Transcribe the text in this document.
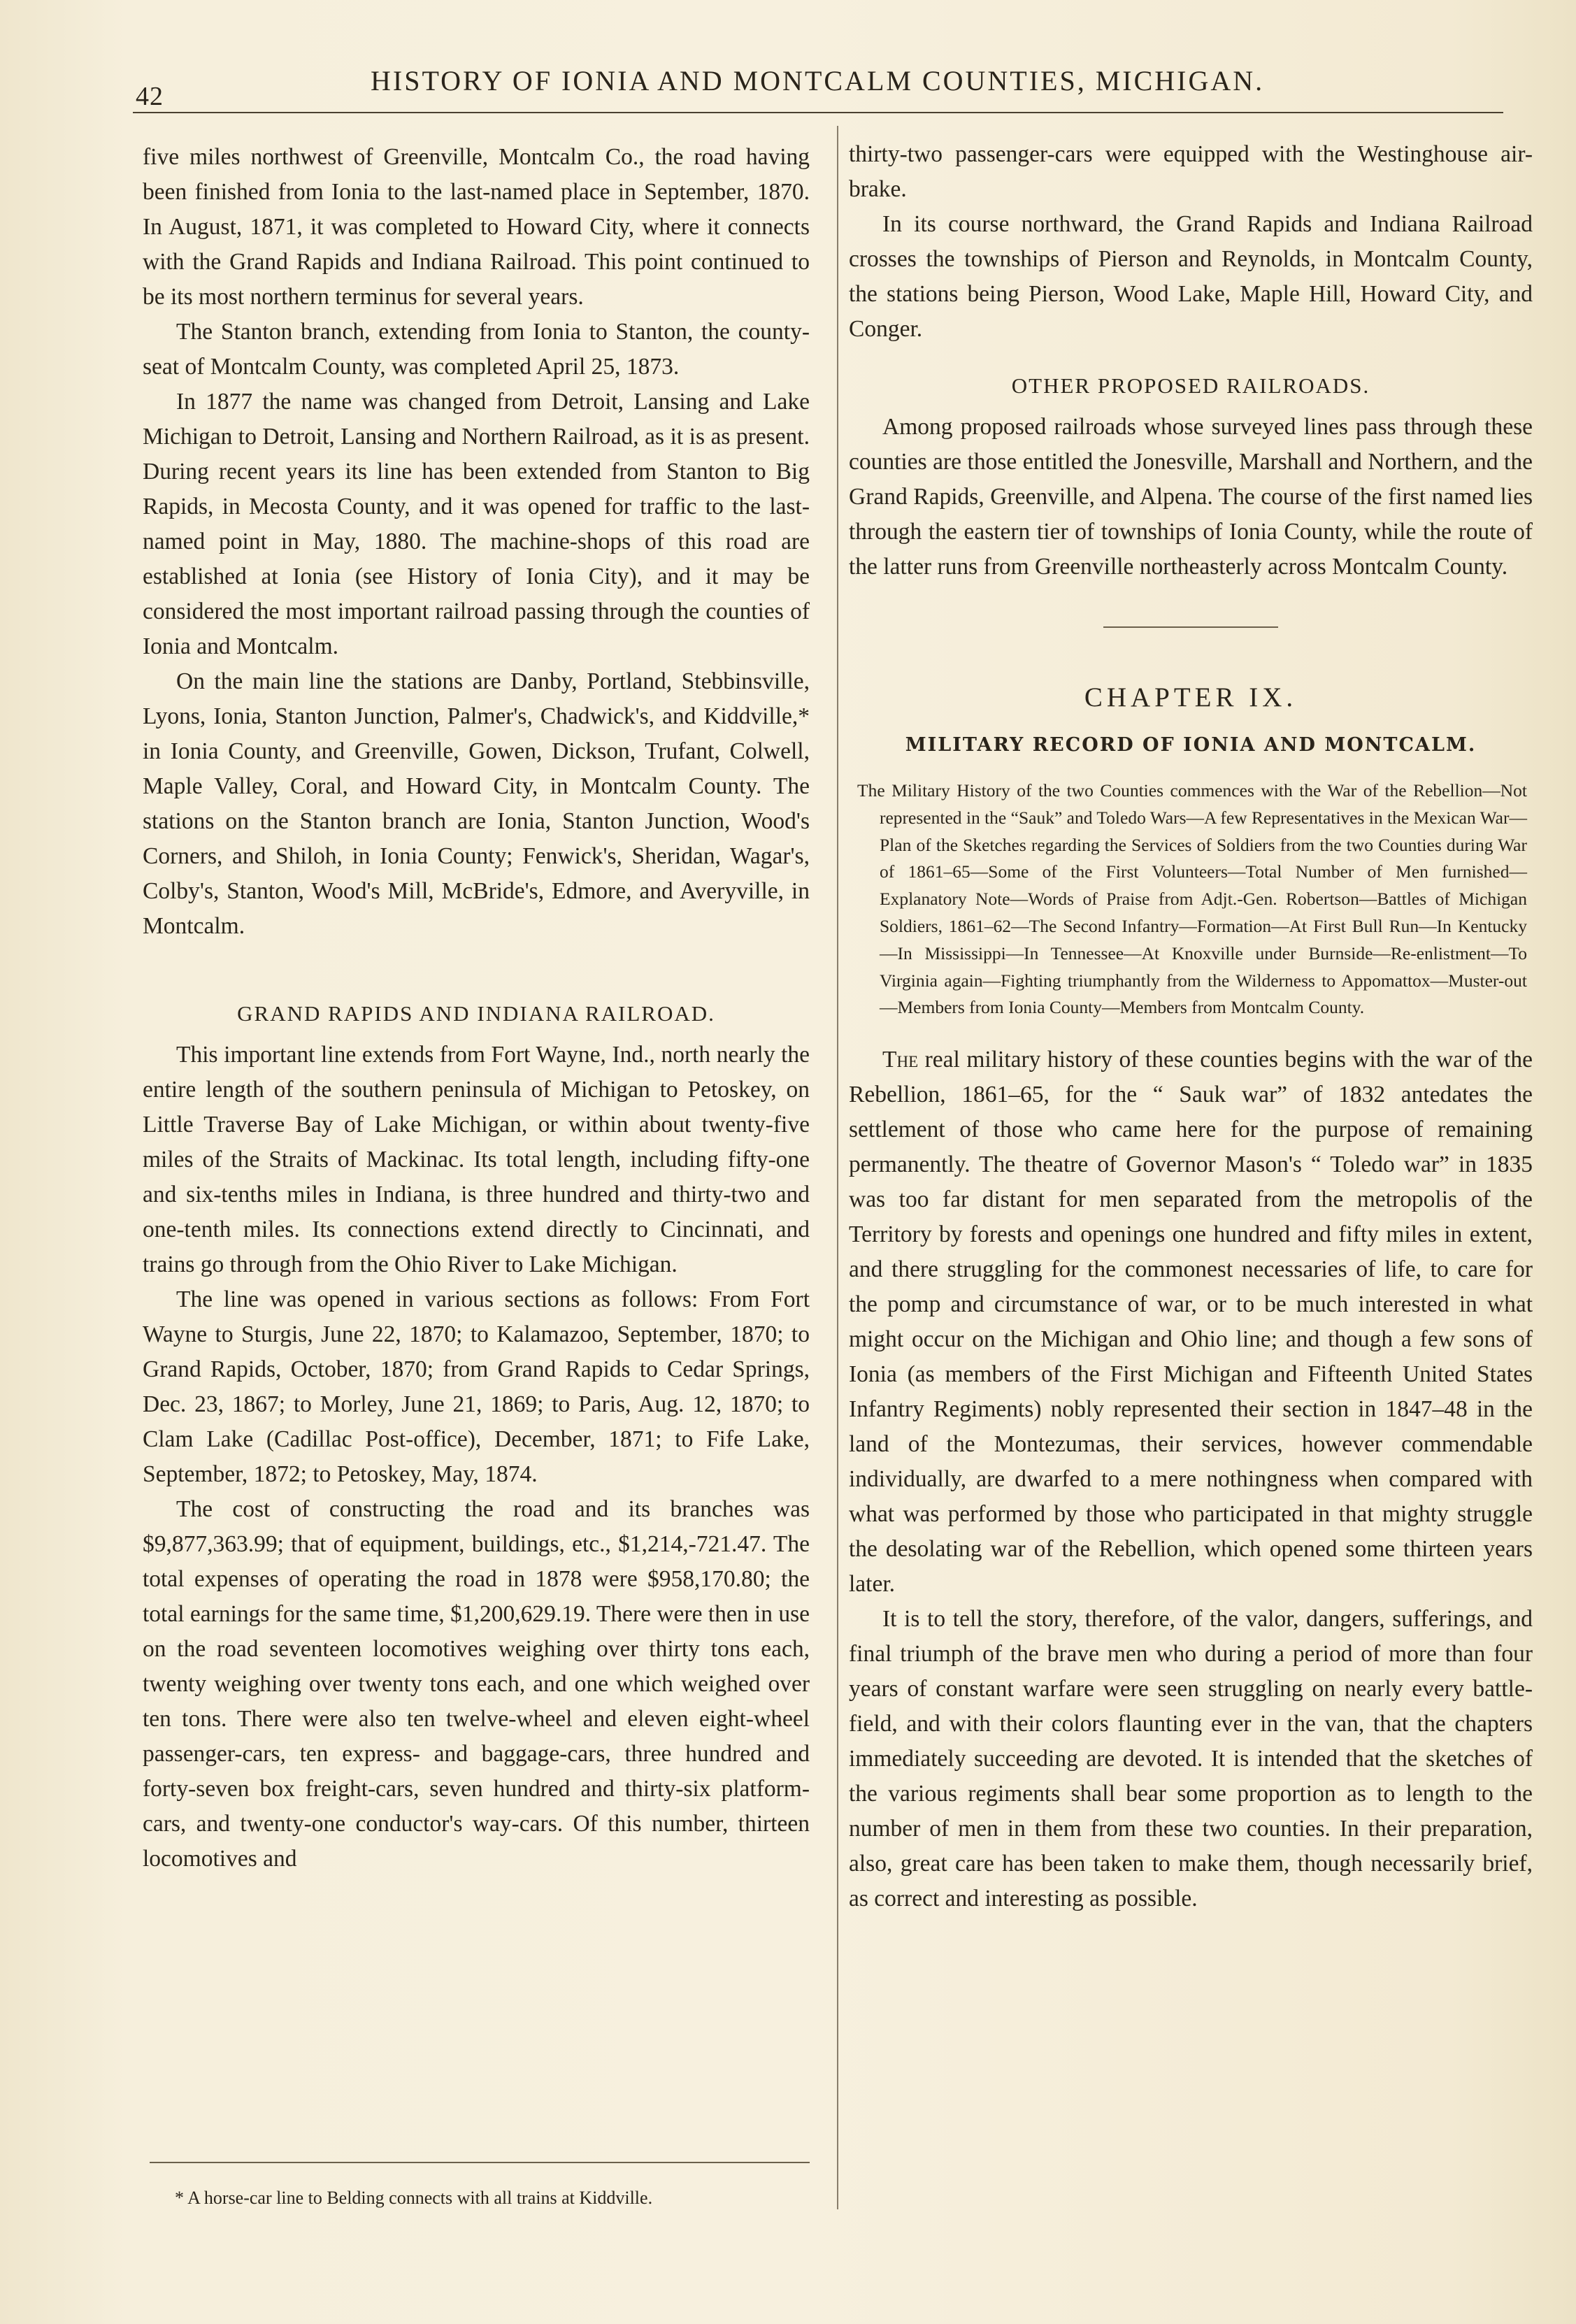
42	HISTORY OF IONIA AND MONTCALM COUNTIES, MICHIGAN.

five miles northwest of Greenville, Montcalm Co., the road having been finished from Ionia to the last-named place in September, 1870. In August, 1871, it was completed to Howard City, where it connects with the Grand Rapids and Indiana Railroad. This point continued to be its most northern terminus for several years.

The Stanton branch, extending from Ionia to Stanton, the county-seat of Montcalm County, was completed April 25, 1873.

In 1877 the name was changed from Detroit, Lansing and Lake Michigan to Detroit, Lansing and Northern Railroad, as it is as present. During recent years its line has been extended from Stanton to Big Rapids, in Mecosta County, and it was opened for traffic to the last-named point in May, 1880. The machine-shops of this road are established at Ionia (see History of Ionia City), and it may be considered the most important railroad passing through the counties of Ionia and Montcalm.

On the main line the stations are Danby, Portland, Stebbinsville, Lyons, Ionia, Stanton Junction, Palmer's, Chadwick's, and Kiddville,* in Ionia County, and Greenville, Gowen, Dickson, Trufant, Colwell, Maple Valley, Coral, and Howard City, in Montcalm County. The stations on the Stanton branch are Ionia, Stanton Junction, Wood's Corners, and Shiloh, in Ionia County; Fenwick's, Sheridan, Wagar's, Colby's, Stanton, Wood's Mill, McBride's, Edmore, and Averyville, in Montcalm.

GRAND RAPIDS AND INDIANA RAILROAD.

This important line extends from Fort Wayne, Ind., north nearly the entire length of the southern peninsula of Michigan to Petoskey, on Little Traverse Bay of Lake Michigan, or within about twenty-five miles of the Straits of Mackinac. Its total length, including fifty-one and six-tenths miles in Indiana, is three hundred and thirty-two and one-tenth miles. Its connections extend directly to Cincinnati, and trains go through from the Ohio River to Lake Michigan.

The line was opened in various sections as follows: From Fort Wayne to Sturgis, June 22, 1870; to Kalamazoo, September, 1870; to Grand Rapids, October, 1870; from Grand Rapids to Cedar Springs, Dec. 23, 1867; to Morley, June 21, 1869; to Paris, Aug. 12, 1870; to Clam Lake (Cadillac Post-office), December, 1871; to Fife Lake, September, 1872; to Petoskey, May, 1874.

The cost of constructing the road and its branches was $9,877,363.99; that of equipment, buildings, etc., $1,214,-721.47. The total expenses of operating the road in 1878 were $958,170.80; the total earnings for the same time, $1,200,629.19. There were then in use on the road seventeen locomotives weighing over thirty tons each, twenty weighing over twenty tons each, and one which weighed over ten tons. There were also ten twelve-wheel and eleven eight-wheel passenger-cars, ten express- and baggage-cars, three hundred and forty-seven box freight-cars, seven hundred and thirty-six platform-cars, and twenty-one conductor's way-cars. Of this number, thirteen locomotives and

thirty-two passenger-cars were equipped with the Westinghouse air-brake.

In its course northward, the Grand Rapids and Indiana Railroad crosses the townships of Pierson and Reynolds, in Montcalm County, the stations being Pierson, Wood Lake, Maple Hill, Howard City, and Conger.

OTHER PROPOSED RAILROADS.

Among proposed railroads whose surveyed lines pass through these counties are those entitled the Jonesville, Marshall and Northern, and the Grand Rapids, Greenville, and Alpena. The course of the first named lies through the eastern tier of townships of Ionia County, while the route of the latter runs from Greenville northeasterly across Montcalm County.

CHAPTER IX.
MILITARY RECORD OF IONIA AND MONTCALM.
The Military History of the two Counties commences with the War of the Rebellion—Not represented in the “Sauk” and Toledo Wars—A few Representatives in the Mexican War—Plan of the Sketches regarding the Services of Soldiers from the two Counties during War of 1861–65—Some of the First Volunteers—Total Number of Men furnished—Explanatory Note—Words of Praise from Adjt.-Gen. Robertson—Battles of Michigan Soldiers, 1861–62—The Second Infantry—Formation—At First Bull Run—In Kentucky—In Mississippi—In Tennessee—At Knoxville under Burnside—Re-enlistment—To Virginia again—Fighting triumphantly from the Wilderness to Appomattox—Muster-out—Members from Ionia County—Members from Montcalm County.

The real military history of these counties begins with the war of the Rebellion, 1861–65, for the “ Sauk war” of 1832 antedates the settlement of those who came here for the purpose of remaining permanently. The theatre of Governor Mason's “ Toledo war” in 1835 was too far distant for men separated from the metropolis of the Territory by forests and openings one hundred and fifty miles in extent, and there struggling for the commonest necessaries of life, to care for the pomp and circumstance of war, or to be much interested in what might occur on the Michigan and Ohio line; and though a few sons of Ionia (as members of the First Michigan and Fifteenth United States Infantry Regiments) nobly represented their section in 1847–48 in the land of the Montezumas, their services, however commendable individually, are dwarfed to a mere nothingness when compared with what was performed by those who participated in that mighty struggle the desolating war of the Rebellion, which opened some thirteen years later.

It is to tell the story, therefore, of the valor, dangers, sufferings, and final triumph of the brave men who during a period of more than four years of constant warfare were seen struggling on nearly every battle-field, and with their colors flaunting ever in the van, that the chapters immediately succeeding are devoted. It is intended that the sketches of the various regiments shall bear some proportion as to length to the number of men in them from these two counties. In their preparation, also, great care has been taken to make them, though necessarily brief, as correct and interesting as possible.

* A horse-car line to Belding connects with all trains at Kiddville.
